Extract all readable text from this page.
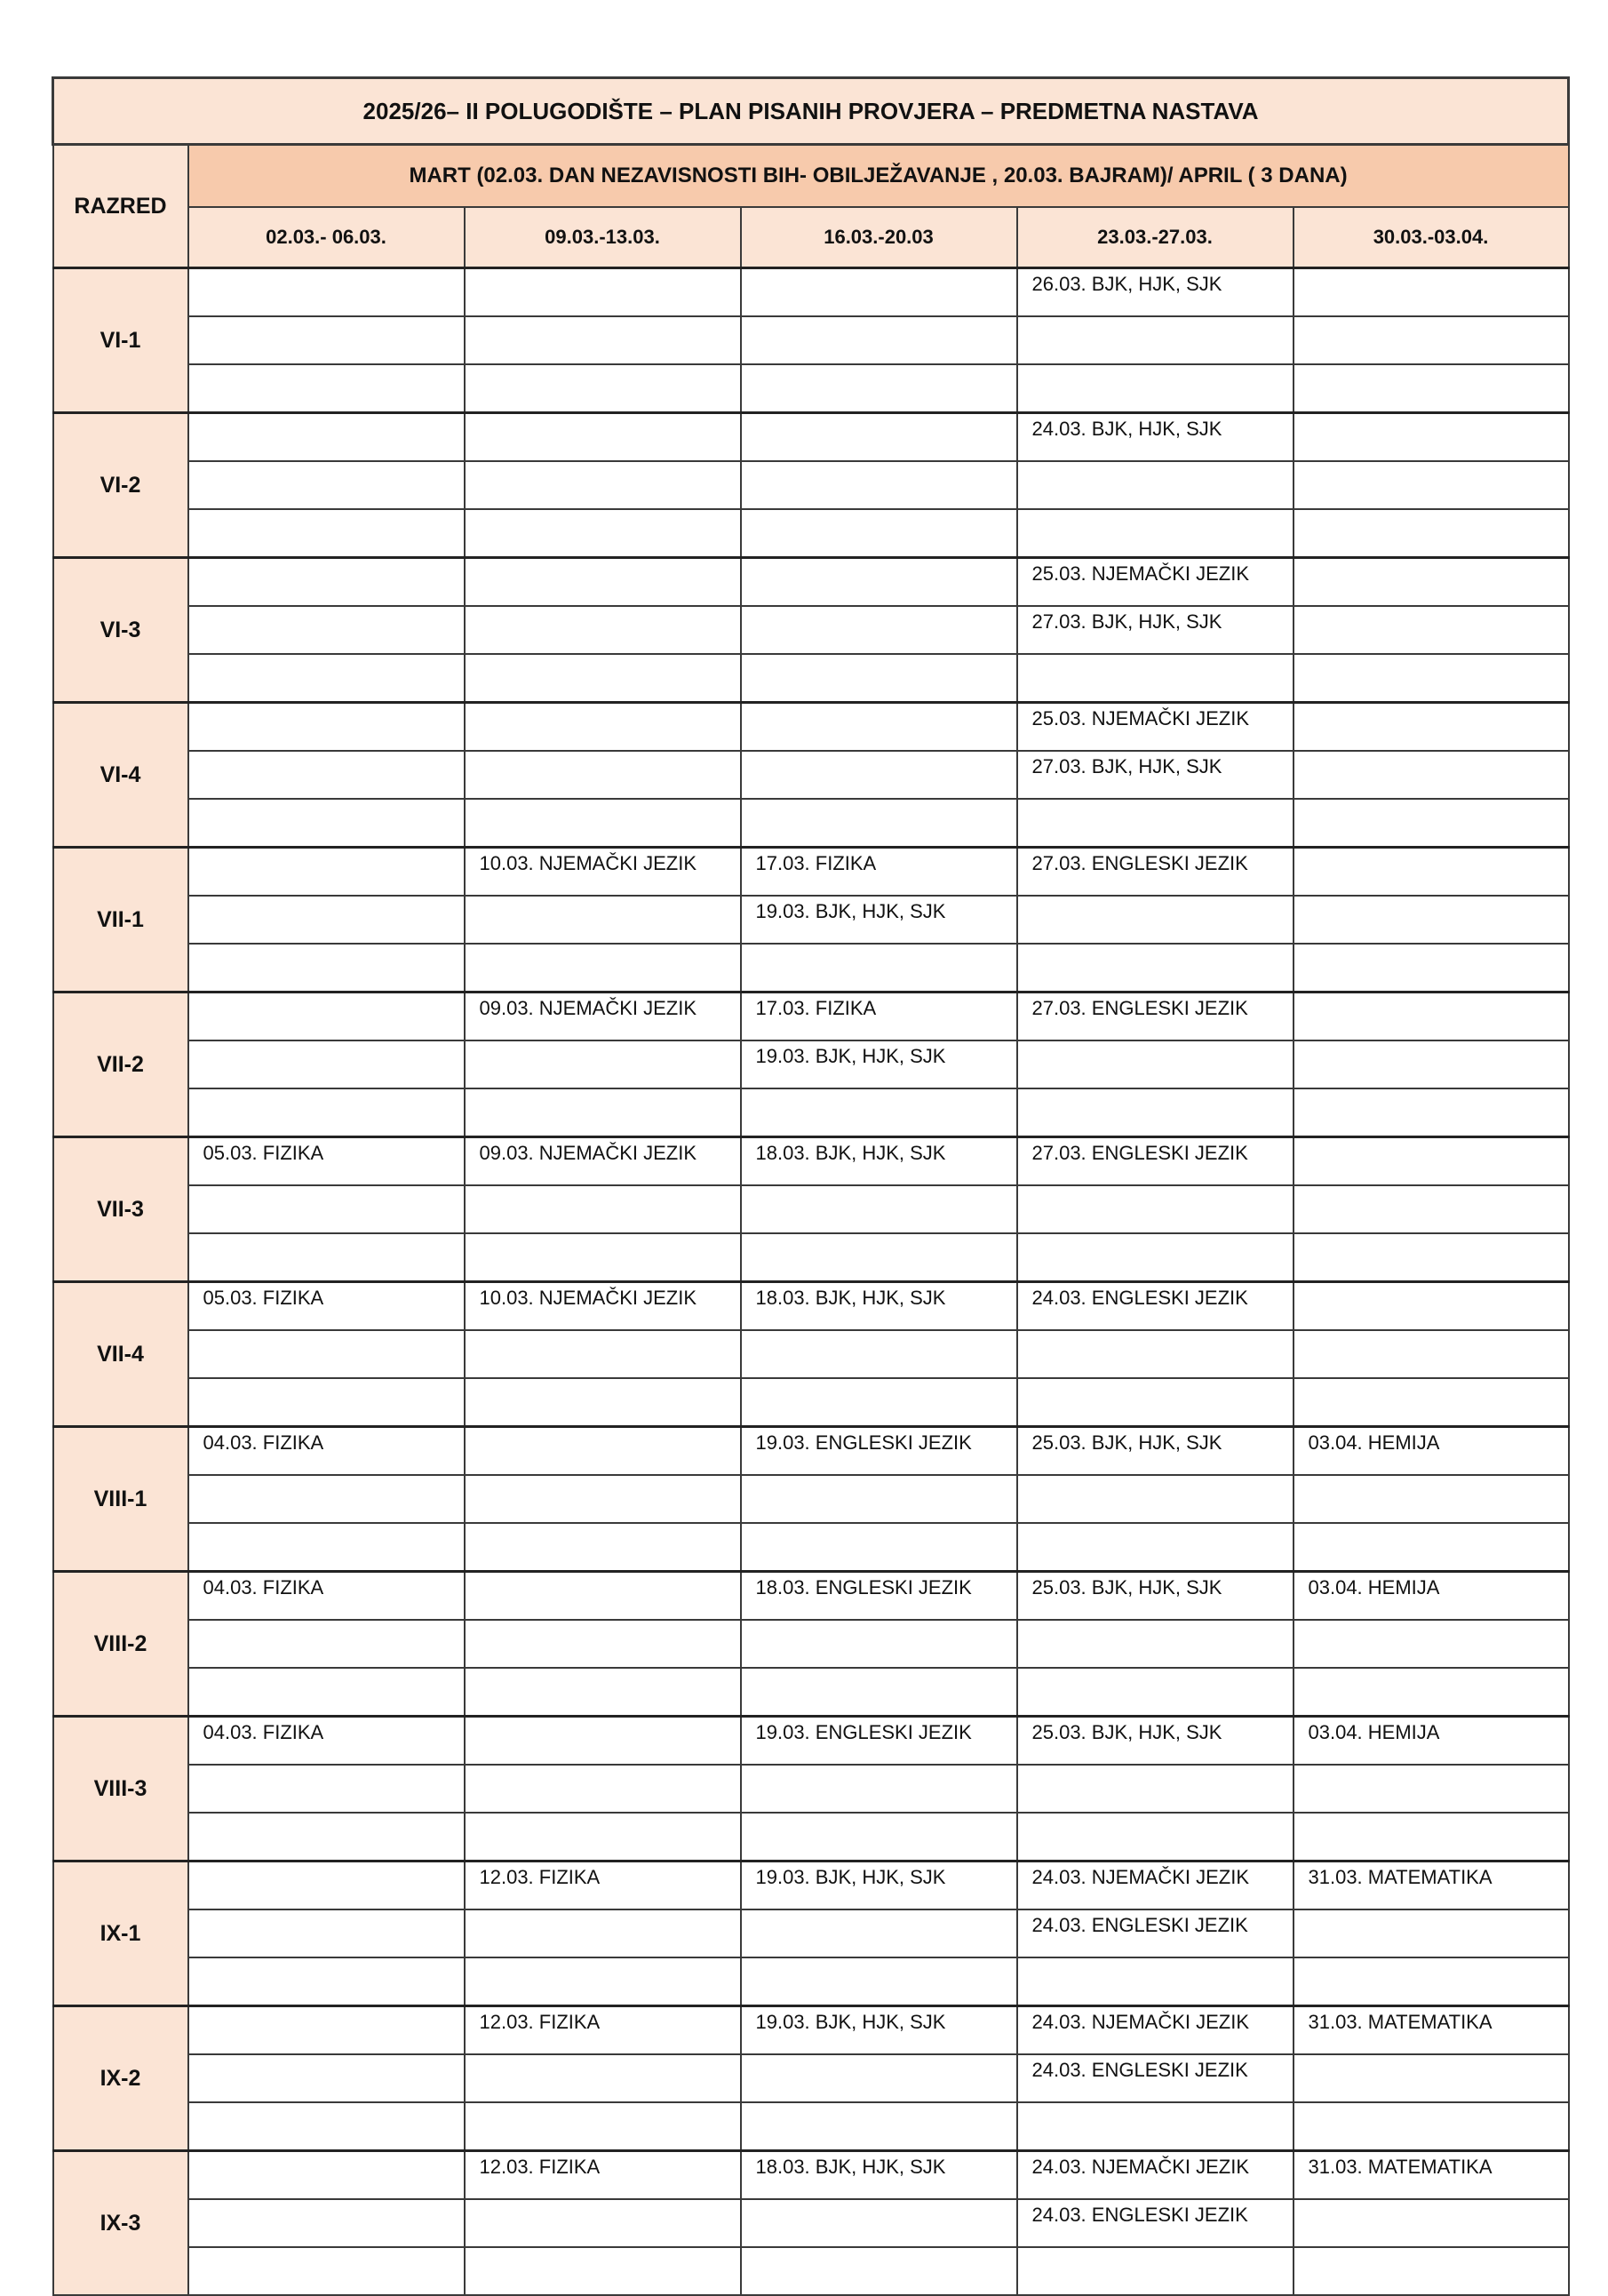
2025/26– II POLUGODIŠTE – PLAN PISANIH PROVJERA – PREDMETNA NASTAVA					
RAZRED	MART (02.03. DAN NEZAVISNOSTI BIH- OBILJEŽAVANJE , 20.03. BAJRAM)/ APRIL ( 3 DANA)				
	02.03.- 06.03.	09.03.-13.03.	16.03.-20.03	23.03.-27.03.	30.03.-03.04.
VI-1				26.03. BJK, HJK, SJK	

VI-2				24.03. BJK, HJK, SJK	

VI-3				25.03. NJEMAČKI JEZIK	
				27.03. BJK, HJK, SJK	

VI-4				25.03. NJEMAČKI JEZIK	
				27.03. BJK, HJK, SJK	

VII-1		10.03. NJEMAČKI JEZIK	17.03. FIZIKA	27.03. ENGLESKI JEZIK	
			19.03. BJK, HJK, SJK		

VII-2		09.03. NJEMAČKI JEZIK	17.03. FIZIKA	27.03. ENGLESKI JEZIK	
			19.03. BJK, HJK, SJK		

VII-3	05.03. FIZIKA	09.03. NJEMAČKI JEZIK	18.03. BJK, HJK, SJK	27.03. ENGLESKI JEZIK	

VII-4	05.03. FIZIKA	10.03. NJEMAČKI JEZIK	18.03. BJK, HJK, SJK	24.03. ENGLESKI JEZIK	

VIII-1	04.03. FIZIKA		19.03. ENGLESKI JEZIK	25.03. BJK, HJK, SJK	03.04. HEMIJA

VIII-2	04.03. FIZIKA		18.03. ENGLESKI JEZIK	25.03. BJK, HJK, SJK	03.04. HEMIJA

VIII-3	04.03. FIZIKA		19.03. ENGLESKI JEZIK	25.03. BJK, HJK, SJK	03.04. HEMIJA

IX-1		12.03. FIZIKA	19.03. BJK, HJK, SJK	24.03. NJEMAČKI JEZIK	31.03. MATEMATIKA
				24.03. ENGLESKI JEZIK	

IX-2		12.03. FIZIKA	19.03. BJK, HJK, SJK	24.03. NJEMAČKI JEZIK	31.03. MATEMATIKA
				24.03. ENGLESKI JEZIK	

IX-3		12.03. FIZIKA	18.03. BJK, HJK, SJK	24.03. NJEMAČKI JEZIK	31.03. MATEMATIKA
				24.03. ENGLESKI JEZIK	
